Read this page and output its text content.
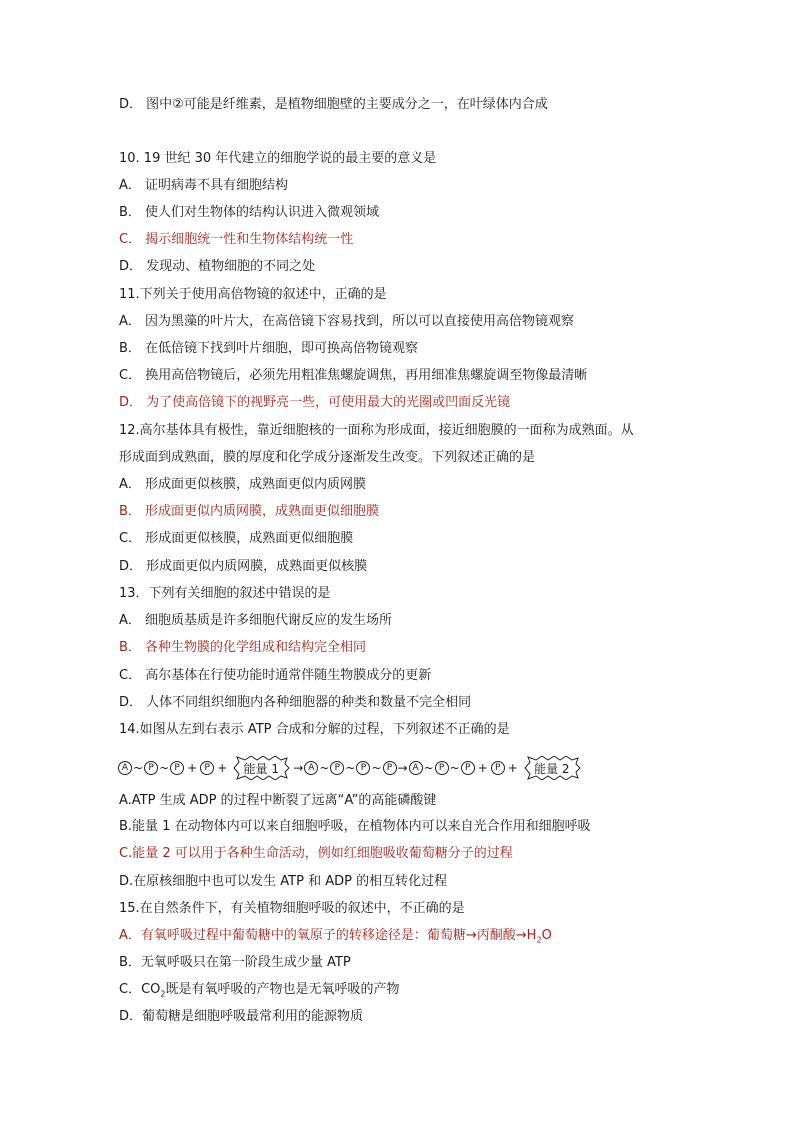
D． 图中②可能是纤维素，是植物细胞壁的主要成分之一，在叶绿体内合成
10. 19 世纪 30 年代建立的细胞学说的最主要的意义是
A． 证明病毒不具有细胞结构
B． 使人们对生物体的结构认识进入微观领域
C． 揭示细胞统一性和生物体结构统一性
D． 发现动、植物细胞的不同之处
11.下列关于使用高倍物镜的叙述中，正确的是
A． 因为黑藻的叶片大，在高倍镜下容易找到，所以可以直接使用高倍物镜观察
B． 在低倍镜下找到叶片细胞，即可换高倍物镜观察
C． 换用高倍物镜后，必须先用粗准焦螺旋调焦，再用细准焦螺旋调至物像最清晰
D． 为了使高倍镜下的视野亮一些，可使用最大的光圈或凹面反光镜
12.高尔基体具有极性，靠近细胞核的一面称为形成面，接近细胞膜的一面称为成熟面。从
形成面到成熟面，膜的厚度和化学成分逐渐发生改变。下列叙述正确的是
A． 形成面更似核膜，成熟面更似内质网膜
B． 形成面更似内质网膜，成熟面更似细胞膜
C． 形成面更似核膜，成熟面更似细胞膜
D． 形成面更似内质网膜，成熟面更似核膜
13．下列有关细胞的叙述中错误的是
A． 细胞质基质是许多细胞代谢反应的发生场所
B． 各种生物膜的化学组成和结构完全相同
C． 高尔基体在行使功能时通常伴随生物膜成分的更新
D． 人体不同组织细胞内各种细胞器的种类和数量不完全相同
14.如图从左到右表示 ATP 合成和分解的过程，下列叙述不正确的是
A ~ P ~ P + P + 能量 1 → A ~ P ~ P ~ P → A ~ P ~ P + P + 能量 2
A.ATP 生成 ADP 的过程中断裂了远离“A”的高能磷酸键
B.能量 1 在动物体内可以来自细胞呼吸，在植物体内可以来自光合作用和细胞呼吸
C.能量 2 可以用于各种生命活动，例如红细胞吸收葡萄糖分子的过程
D.在原核细胞中也可以发生 ATP 和 ADP 的相互转化过程
15.在自然条件下，有关植物细胞呼吸的叙述中，不正确的是
A．有氧呼吸过程中葡萄糖中的氧原子的转移途径是：葡萄糖→丙酮酸$\to H_2O$
B．无氧呼吸只在第一阶段生成少量 ATP
C．$CO_2$既是有氧呼吸的产物也是无氧呼吸的产物
D．葡萄糖是细胞呼吸最常利用的能源物质
